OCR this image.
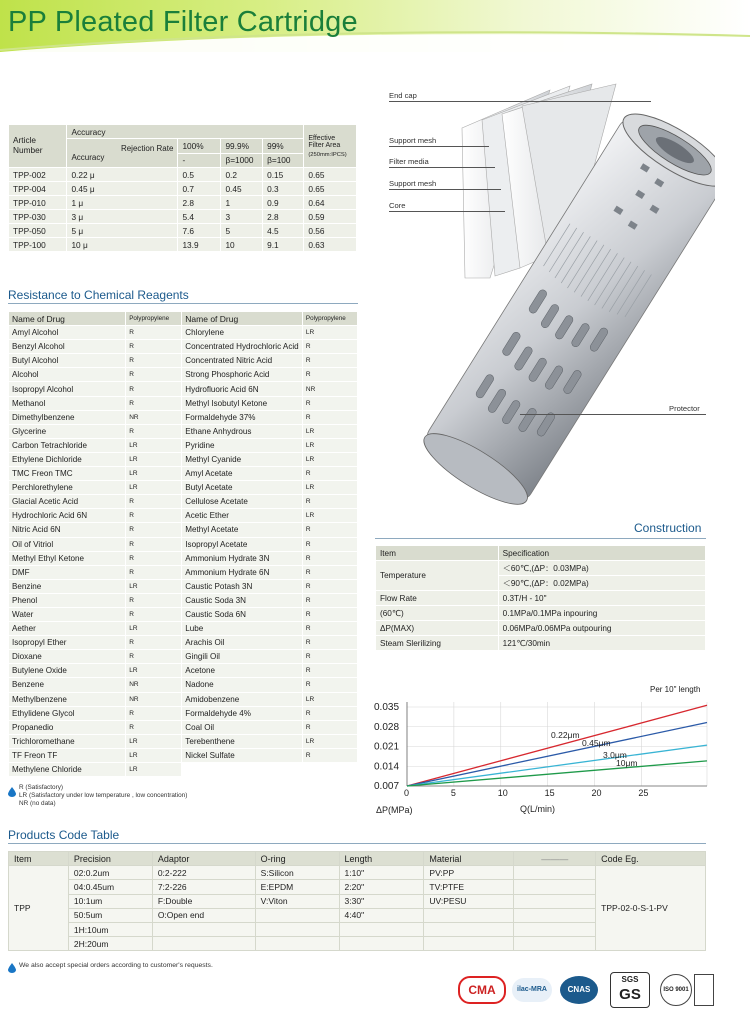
PP Pleated Filter Cartridge
Article Number	Accuracy				Effective Filter Area
(250mm:IPCS)

	Rejection Rate
Accuracy	100%	99.9%	99%	
		-	β=1000	β=100	
TPP-002	0.22 μ	0.5	0.2	0.15	0.65
TPP-004	0.45 μ	0.7	0.45	0.3	0.65
TPP-010	1 μ	2.8	1	0.9	0.64
TPP-030	3 μ	5.4	3	2.8	0.59
TPP-050	5 μ	7.6	5	4.5	0.56
TPP-100	10 μ	13.9	10	9.1	0.63
End cap
Support mesh
Filter media
Support mesh
Core
Protector
Resistance to Chemical Reagents
Name of Drug	Polypropylene	Name of Drug	Polypropylene
Amyl Alcohol	R	Chlorylene	LR
Benzyl Alcohol	R	Concentrated Hydrochloric Acid	R
Butyl Alcohol	R	Concentrated Nitric Acid	R
Alcohol	R	Strong Phosphoric Acid	R
Isopropyl Alcohol	R	Hydrofluoric Acid 6N	NR
Methanol	R	Methyl Isobutyl Ketone	R
Dimethylbenzene	NR	Formaldehyde 37%	R
Glycerine	R	Ethane Anhydrous	LR
Carbon Tetrachloride	LR	Pyridine	LR
Ethylene Dichloride	LR	Methyl Cyanide	LR
TMC Freon TMC	LR	Amyl Acetate	R
Perchlorethylene	LR	Butyl Acetate	LR
Glacial Acetic Acid	R	Cellulose Acetate	R
Hydrochloric Acid 6N	R	Acetic Ether	LR
Nitric Acid 6N	R	Methyl Acetate	R
Oil of Vitriol	R	Isopropyl Acetate	R
Methyl Ethyl Ketone	R	Ammonium Hydrate 3N	R
DMF	R	Ammonium Hydrate 6N	R
Benzine	LR	Caustic Potash 3N	R
Phenol	R	Caustic Soda 3N	R
Water	R	Caustic Soda 6N	R
Aether	LR	Lube	R
Isopropyl Ether	R	Arachis Oil	R
Dioxane	R	Gingili Oil	R
Butylene Oxide	LR	Acetone	R
Benzene	NR	Nadone	R
Methylbenzene	NR	Amidobenzene	LR
Ethylidene Glycol	R	Formaldehyde 4%	R
Propanedio	R	Coal Oil	R
Trichloromethane	LR	Terebenthene	LR
TF Freon TF	LR	Nickel Sulfate	R
Methylene Chloride	LR		
R (Satisfactory)
LR (Satisfactory under low temperature , low concentration)
NR (no data)
Construction
Item	Specification
Temperature	＜60℃,(ΔP：0.03MPa)
	＜90℃,(ΔP：0.02MPa)
Flow Rate	0.3T/H - 10"
(60℃)	0.1MPa/0.1MPa inpouring
ΔP(MAX)	0.06MPa/0.06MPa outpouring
Steam Slerilizing	121℃/30min
0.035
0.028
0.021
0.014
0.007
0	5	10	15	20	25
ΔP(MPa)	Q(L/min)
Per 10" length
0.22μm
0.45μm
3.0μm
10μm
Products Code Table
Item	Precision	Adaptor	O-ring	Length	Material	———	Code Eg.
TPP	02:0.2um	0:2-222	S:Silicon	1:10"	PV:PP		TPP-02-0-S-1-PV
	04:0.45um	7:2-226	E:EPDM	2:20"	TV:PTFE		
	10:1um	F:Double	V:Viton	3:30"	UV:PESU		
	50:5um	O:Open end		4:40"			
	1H:10um						
	2H:20um						
We also accept special orders according to customer's requests.
CMA	ilac-MRA	CNAS
SGS
GS	ISO 9001
